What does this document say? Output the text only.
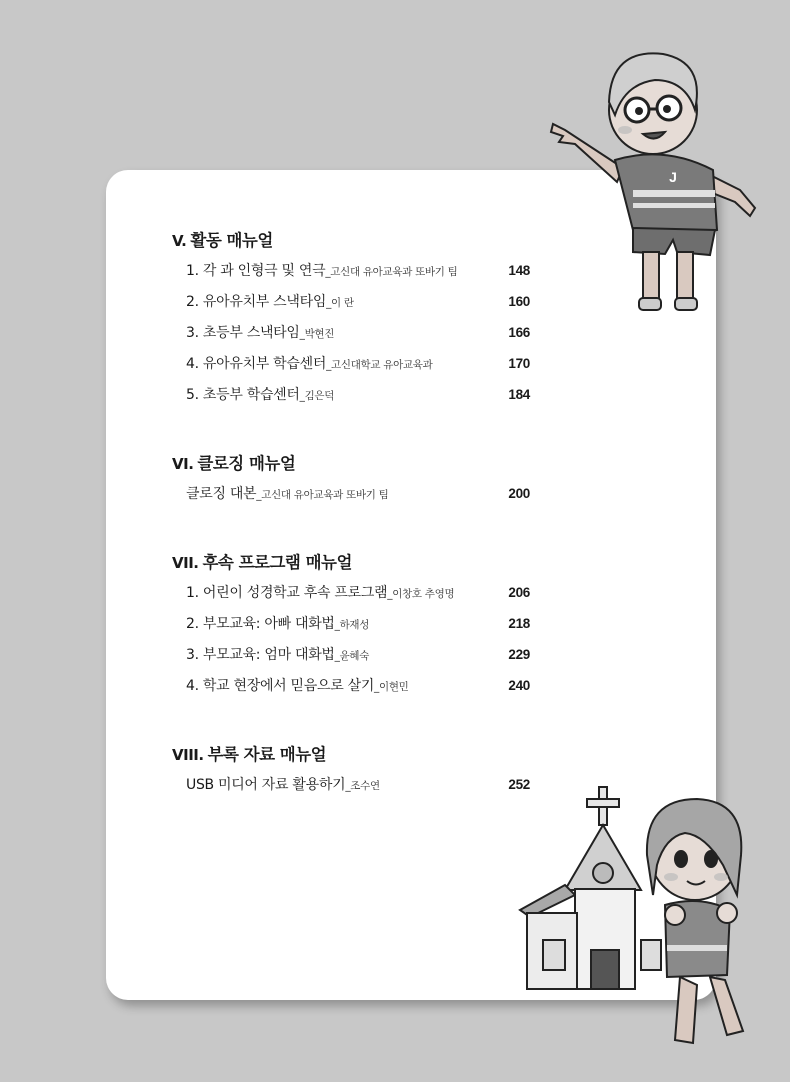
J
V. 활동 매뉴얼
1. 각 과 인형극 및 연극_고신대 유아교육과 또바기 팀	148
2. 유아유치부 스낵타임_이 란	160
3. 초등부 스낵타임_박현진	166
4. 유아유치부 학습센터_고신대학교 유아교육과	170
5. 초등부 학습센터_김은덕	184
VI. 클로징 매뉴얼
클로징 대본_고신대 유아교육과 또바기 팀	200
VII. 후속 프로그램 매뉴얼
1. 어린이 성경학교 후속 프로그램_이창호 추영명	206
2. 부모교육: 아빠 대화법_하재성	218
3. 부모교육: 엄마 대화법_윤혜숙	229
4. 학교 현장에서 믿음으로 살기_이현민	240
VIII. 부록 자료 매뉴얼
USB 미디어 자료 활용하기_조수연	252
